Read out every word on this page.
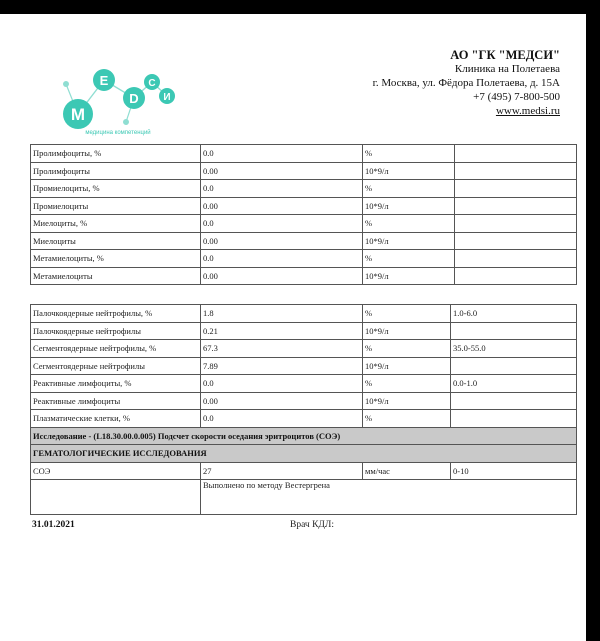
M
E
D
С
И
медицина компетенций
АО "ГК "МЕДСИ"
Клиника на Полетаева
г. Москва, ул. Фёдора Полетаева, д. 15А
+7 (495) 7-800-500
www.medsi.ru
Пролимфоциты, %	0.0	%	
Пролимфоциты	0.00	10*9/л	
Промиелоциты, %	0.0	%	
Промиелоциты	0.00	10*9/л	
Миелоциты, %	0.0	%	
Миелоциты	0.00	10*9/л	
Метамиелоциты, %	0.0	%	
Метамиелоциты	0.00	10*9/л	
Палочкоядерные нейтрофилы, %	1.8	%	1.0-6.0
Палочкоядерные нейтрофилы	0.21	10*9/л	
Сегментоядерные нейтрофилы, %	67.3	%	35.0-55.0
Сегментоядерные нейтрофилы	7.89	10*9/л	
Реактивные лимфоциты, %	0.0	%	0.0-1.0
Реактивные лимфоциты	0.00	10*9/л	
Плазматические клетки, %	0.0	%	
Исследование - (L18.30.00.0.005) Подсчет скорости оседания эритроцитов (СОЭ)			
ГЕМАТОЛОГИЧЕСКИЕ ИССЛЕДОВАНИЯ			
СОЭ	27	мм/час	0-10
	Выполнено по методу Вестергрена		
31.01.2021	Врач КДЛ:
